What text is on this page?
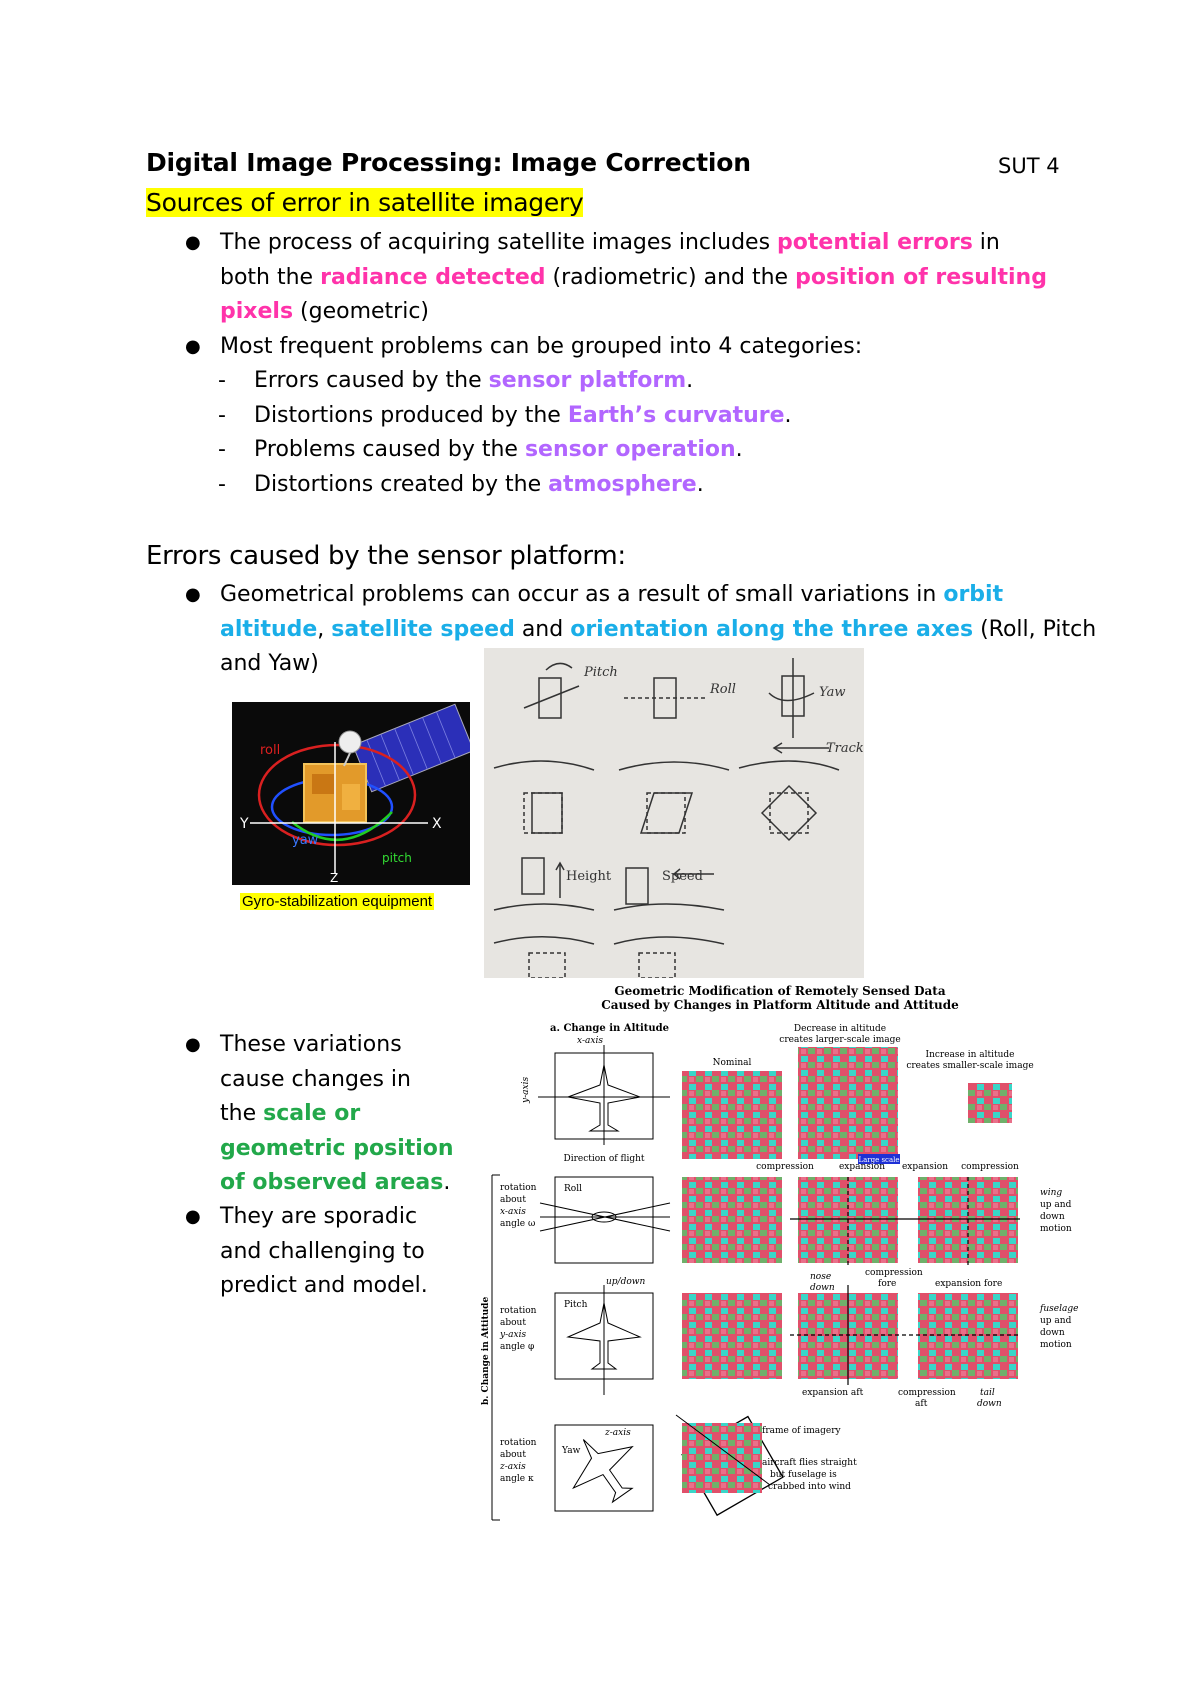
Digital Image Processing: Image Correction	SUT 4
Sources of error in satellite imagery
● The process of acquiring satellite images includes potential errors in
both the radiance detected (radiometric) and the position of resulting
pixels (geometric)
● Most frequent problems can be grouped into 4 categories:
- Errors caused by the sensor platform.
- Distortions produced by the Earth’s curvature.
- Problems caused by the sensor operation.
- Distortions created by the atmosphere.
Errors caused by the sensor platform:
● Geometrical problems can occur as a result of small variations in orbit
altitude, satellite speed and orientation along the three axes (Roll, Pitch
and Yaw)
● These variations
cause changes in
the scale or
geometric position
of observed areas.
● They are sporadic
and challenging to
predict and model.
roll
yaw
pitch
X
Y
Z
Gyro-stabilization equipment
Pitch
Roll	Yaw
Track
Height	Speed
Geometric Modification of Remotely Sensed Data
Caused by Changes in Platform Altitude and Attitude
a. Change in Altitude
x-axis
y-axis
Direction of flight
Nominal
Decrease in altitude
creates larger-scale image
Large scale
Increase in altitude
creates smaller-scale image
compression	expansion expansion compression
rotation
about
x-axis
angle ω
Roll	wing
up and
down
motion
nose
down
compression
fore	expansion fore
up/down
rotation
about
y-axis
angle φ
Pitch	fuselage
up and
down
motion
expansion aft	compression
aft
tail
down
rotation
about
z-axis
angle κ
Yaw
z-axis	frame of imagery
aircraft flies straight
but fuselage is
crabbed into wind
b. Change in Attitude
